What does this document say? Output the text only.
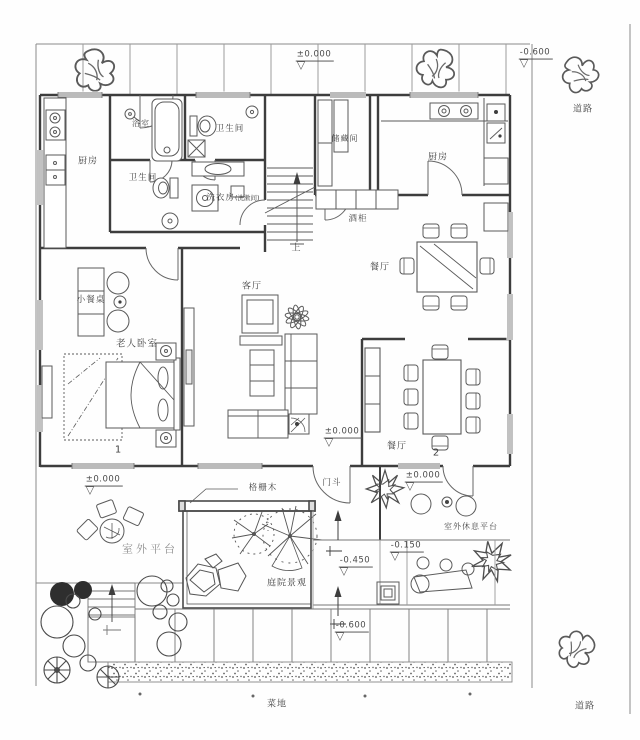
厨房
浴室
卫生间
卫生间
洗衣房(洗漱间)
储藏间
厨房
酒柜
餐厅
客厅
小餐桌
老人卧室
餐厅
门斗
格栅木
室外平台
庭院景观
室外休息平台
菜地
道路
道路
±0.000
▽
-0.600
▽
±0.000
▽
±0.000
▽
±0.000
▽
-0.150
▽
-0.450
▽
-0.600
▽
上
1	2
